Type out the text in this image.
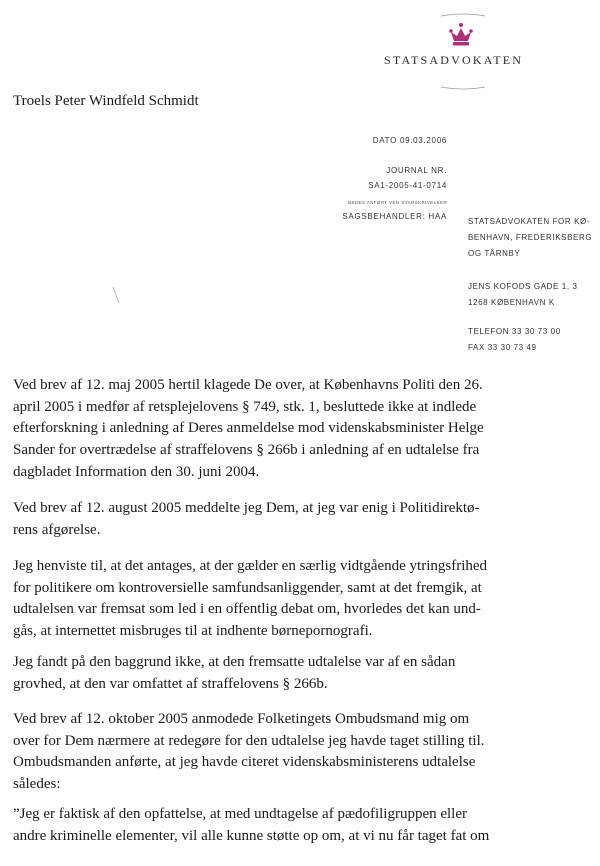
STATSADVOKATEN
Troels Peter Windfeld Schmidt
DATO 09.03.2006
JOURNAL NR.
SA1-2005-41-0714
BEDES ANFØRT VED SVARSKRIVELSER
SAGSBEHANDLER: HAA
STATSADVOKATEN FOR KØ-
BENHAVN, FREDERIKSBERG
OG TÅRNBY
JENS KOFODS GADE 1, 3
1268 KØBENHAVN K
TELEFON 33 30 73 00
FAX 33 30 73 49
Ved brev af 12. maj 2005 hertil klagede De over, at Københavns Politi den 26.
april 2005 i medfør af retsplejelovens § 749, stk. 1, besluttede ikke at indlede
efterforskning i anledning af Deres anmeldelse mod videnskabsminister Helge
Sander for overtrædelse af straffelovens § 266b i anledning af en udtalelse fra
dagbladet Information den 30. juni 2004.
Ved brev af 12. august 2005 meddelte jeg Dem, at jeg var enig i Politidirektø-
rens afgørelse.
Jeg henviste til, at det antages, at der gælder en særlig vidtgående ytringsfrihed
for politikere om kontroversielle samfundsanliggender, samt at det fremgik, at
udtalelsen var fremsat som led i en offentlig debat om, hvorledes det kan und-
gås, at internettet misbruges til at indhente børnepornografi.
Jeg fandt på den baggrund ikke, at den fremsatte udtalelse var af en sådan
grovhed, at den var omfattet af straffelovens § 266b.
Ved brev af 12. oktober 2005 anmodede Folketingets Ombudsmand mig om
over for Dem nærmere at redegøre for den udtalelse jeg havde taget stilling til.
Ombudsmanden anførte, at jeg havde citeret videnskabsministerens udtalelse
således:
”Jeg er faktisk af den opfattelse, at med undtagelse af pædofiligruppen eller
andre kriminelle elementer, vil alle kunne støtte op om, at vi nu får taget fat om
